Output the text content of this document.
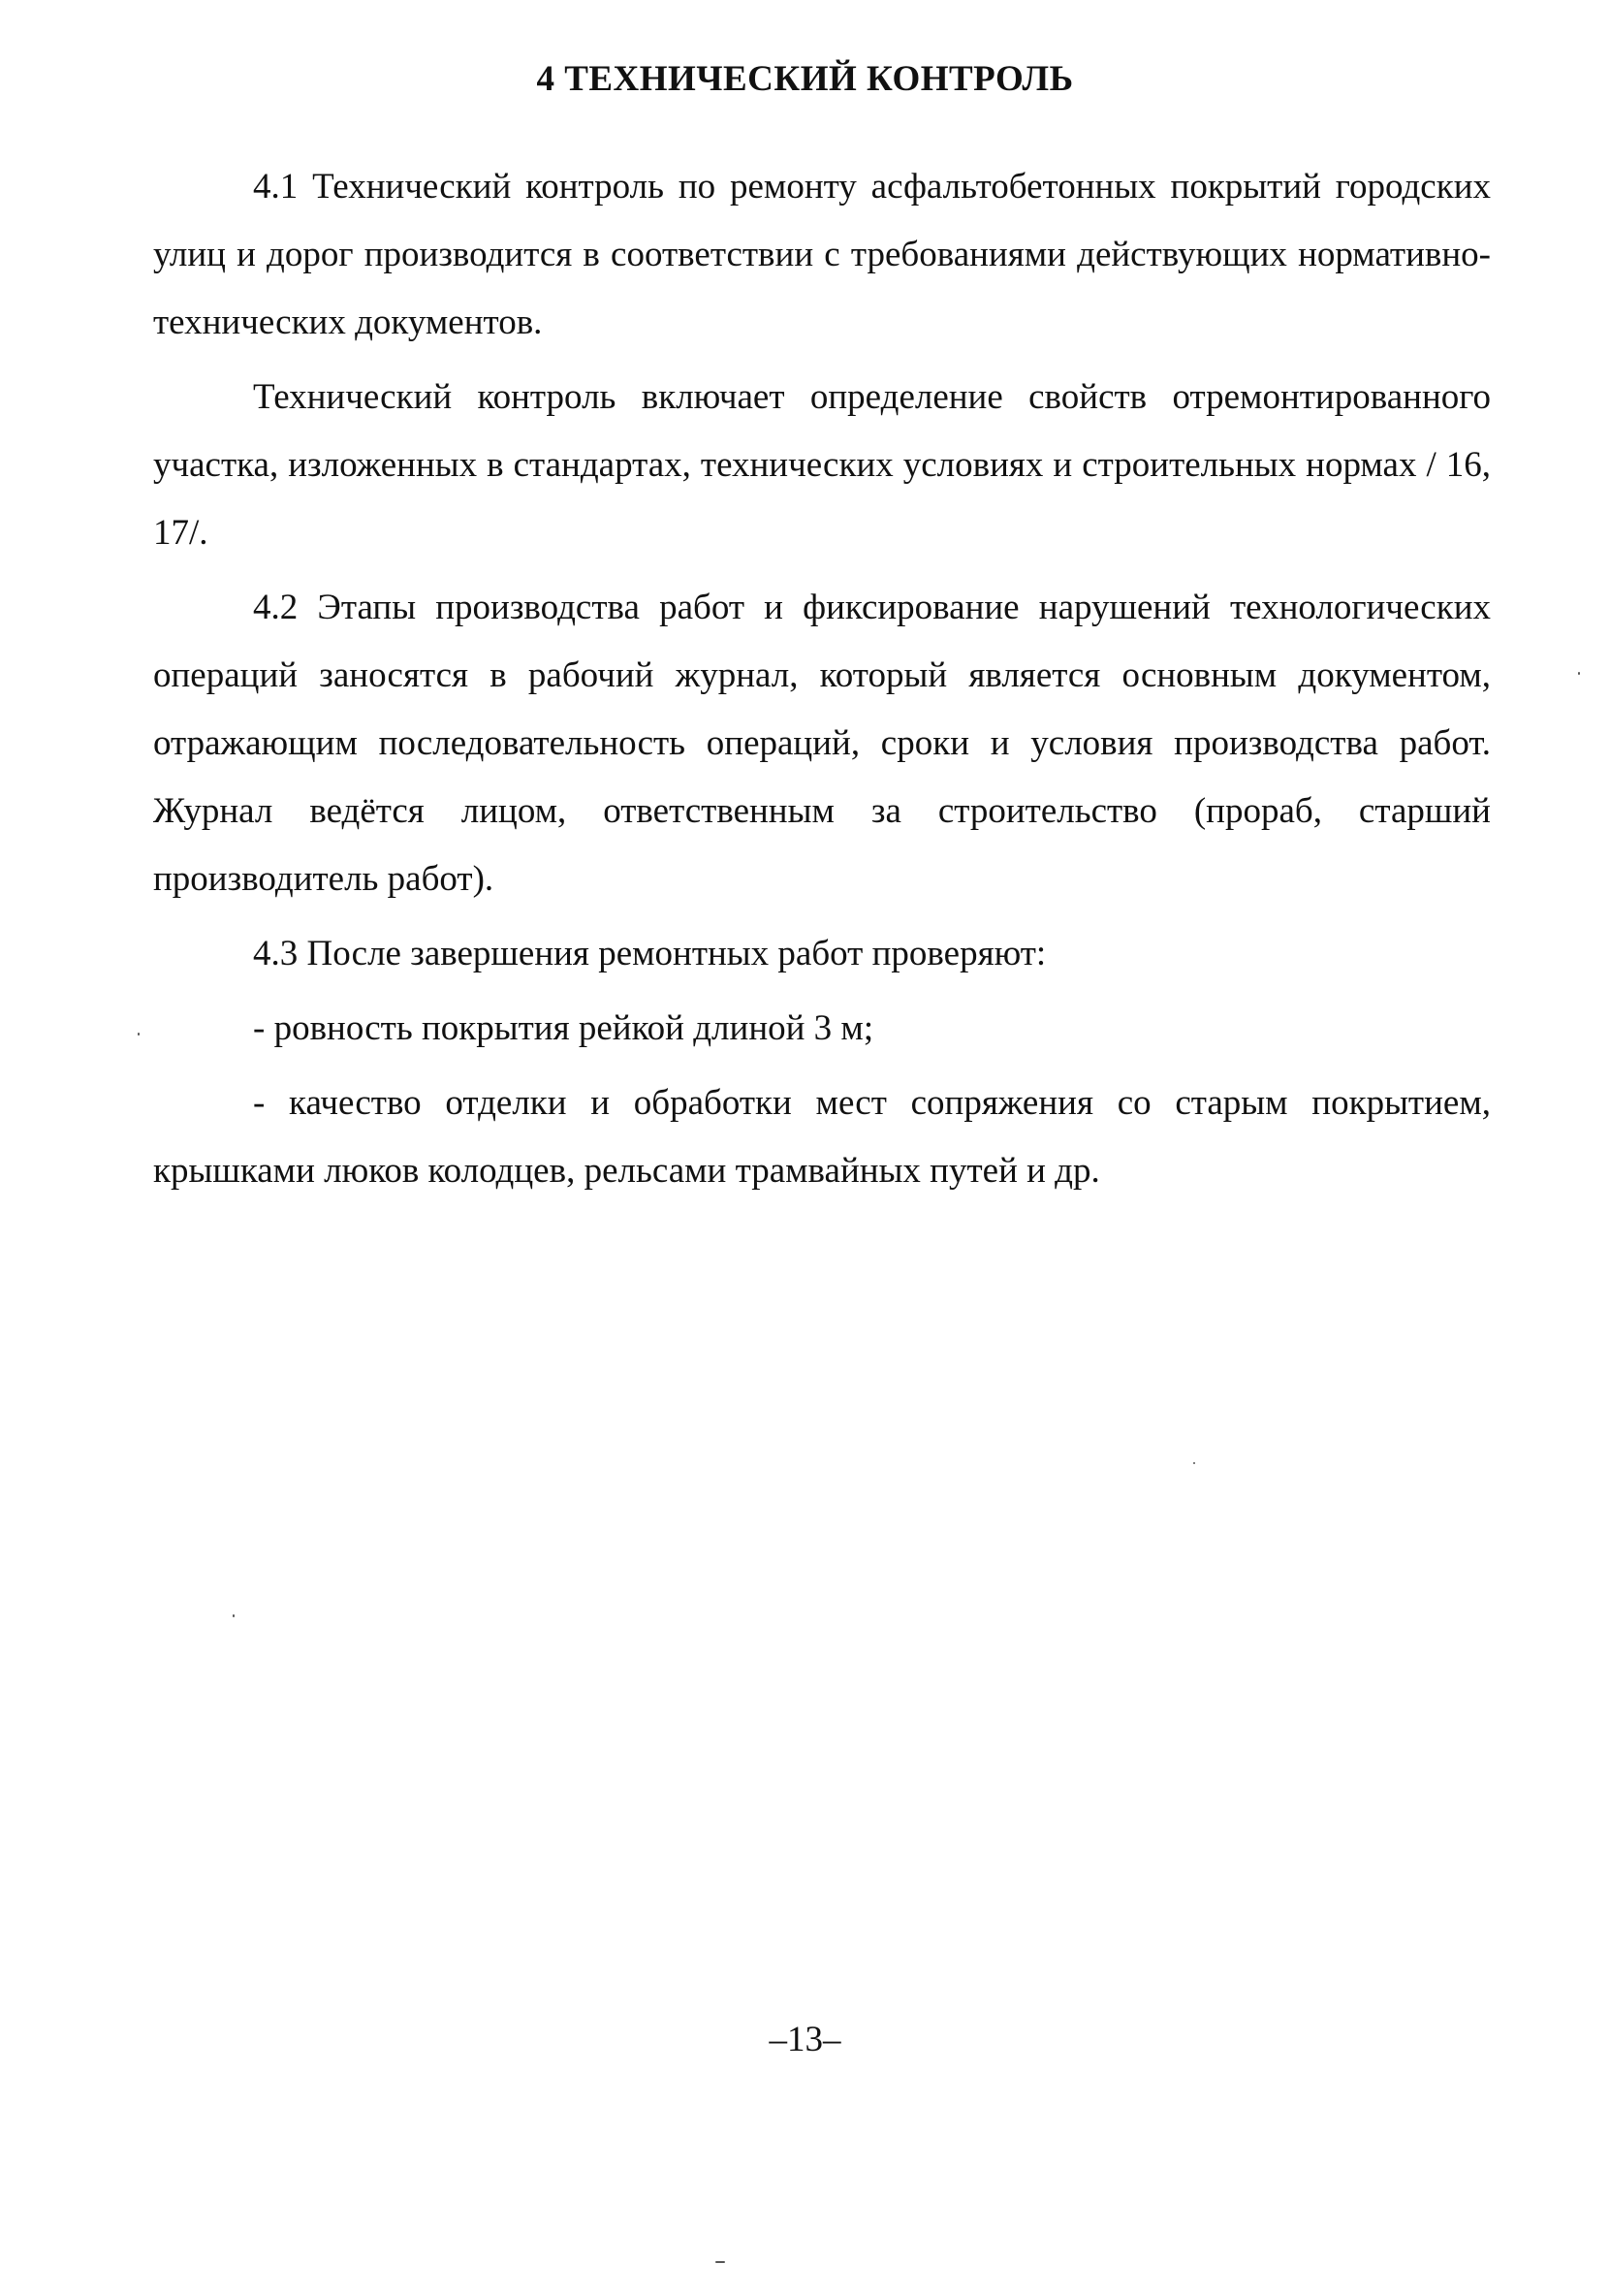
4 ТЕХНИЧЕСКИЙ КОНТРОЛЬ

4.1 Технический контроль по ремонту асфальтобетонных покрытий городских улиц и дорог производится в соответствии с требованиями действующих нормативно-технических документов.

Технический контроль включает определение свойств отремонтированного участка, изложенных в стандартах, технических условиях и строительных нормах / 16, 17/.

4.2 Этапы производства работ и фиксирование нарушений технологических операций заносятся в рабочий журнал, который является основным документом, отражающим последовательность операций, сроки и условия производства работ. Журнал ведётся лицом, ответственным за строительство (прораб, старший производитель работ).

4.3 После завершения ремонтных работ проверяют:

- ровность покрытия рейкой длиной 3 м;

- качество отделки и обработки мест сопряжения со старым покрытием, крышками люков колодцев, рельсами трамвайных путей и др.

–13–
